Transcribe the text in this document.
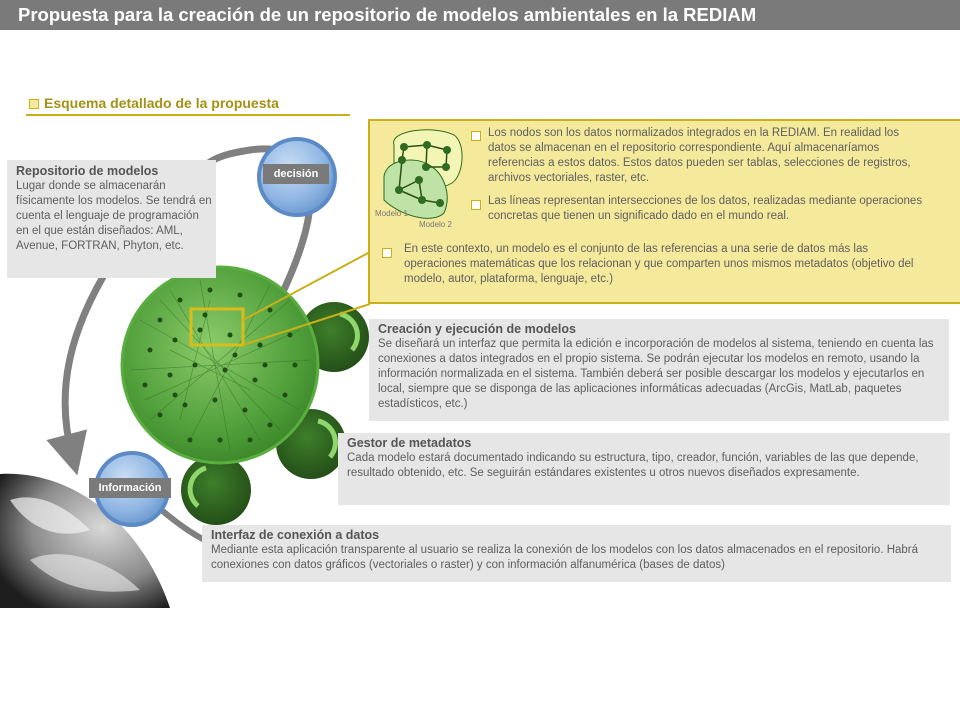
Propuesta para la creación de un repositorio de modelos ambientales en la REDIAM
Esquema detallado de la propuesta
decisión
Información
Repositorio de modelos
Lugar donde se almacenarán físicamente los modelos. Se tendrá en cuenta el lenguaje de programación en el que están diseñados: AML, Avenue, FORTRAN, Phyton, etc.
Modelo 1
Modelo 2
Los nodos son los datos normalizados integrados en la REDIAM. En realidad los datos se almacenan en el repositorio correspondiente. Aquí almacenaríamos referencias a estos datos. Estos datos pueden ser tablas, selecciones de registros, archivos vectoriales, raster, etc.
Las líneas representan intersecciones de los datos, realizadas mediante operaciones concretas que tienen un significado dado en el mundo real.
En este contexto, un modelo es el conjunto de las referencias a una serie de datos más las operaciones matemáticas que los relacionan y que comparten unos mismos metadatos (objetivo del modelo, autor, plataforma, lenguaje, etc.)
Creación y ejecución de modelos
Se diseñará un interfaz que permita la edición e incorporación de modelos al sistema, teniendo en cuenta las conexiones a datos integrados en el propio sistema. Se podrán ejecutar los modelos en remoto, usando la información normalizada en el sistema. También deberá ser posible descargar los modelos y ejecutarlos en local, siempre que se disponga de las aplicaciones informáticas adecuadas (ArcGis, MatLab, paquetes estadísticos, etc.)
Gestor de metadatos
Cada modelo estará documentado indicando su estructura, tipo, creador, función, variables de las que depende, resultado obtenido, etc. Se seguirán estándares existentes u otros nuevos diseñados expresamente.
Interfaz de conexión a datos
Mediante esta aplicación transparente al usuario se realiza la conexión de los modelos con los datos almacenados en el repositorio. Habrá conexiones con datos gráficos (vectoriales o raster) y con información alfanumérica (bases de datos)
